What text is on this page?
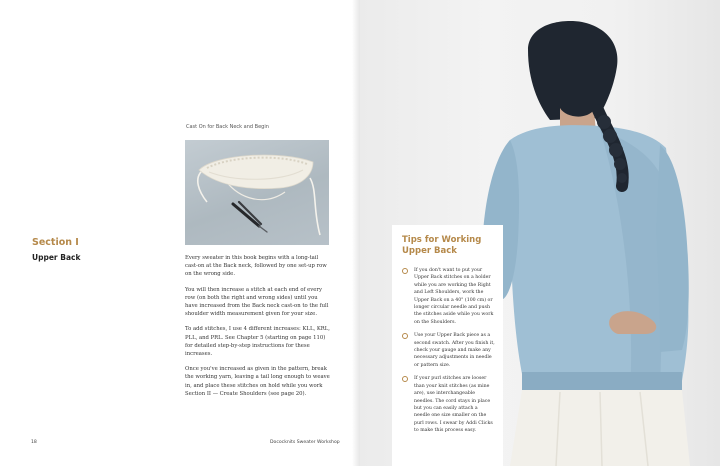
Cast On for Back Neck and Begin
Section I
Upper Back	Every sweater in this book begins with a long-tail cast-on at the Back neck, followed by one set-up row on the wrong side.

You will then increase a stitch at each end of every row (on both the right and wrong sides) until you have increased from the Back neck cast-on to the full shoulder width measurement given for your size.

To add stitches, I use 4 different increases: KLL, KRL, PLL, and PRL. See Chapter 5 (starting on page 110) for detailed step-by-step instructions for these increases.

Once you've increased as given in the pattern, break the working yarn, leaving a tail long enough to weave in, and place these stitches on hold while you work Section II — Create Shoulders (see page 20).

18	Dococknits Sweater Workshop
Tips for Working Upper Back
If you don't want to put your Upper Back stitches on a holder while you are working the Right and Left Shoulders, work the Upper Back on a 40" (100 cm) or longer circular needle and push the stitches aside while you work on the Shoulders.
Use your Upper Back piece as a second swatch. After you finish it, check your gauge and make any necessary adjustments in needle or pattern size.
If your purl stitches are looser than your knit stitches (as mine are), use interchangeable needles. The cord stays in place but you can easily attach a needle one size smaller on the purl rows. I swear by Addi Clicks to make this process easy.
